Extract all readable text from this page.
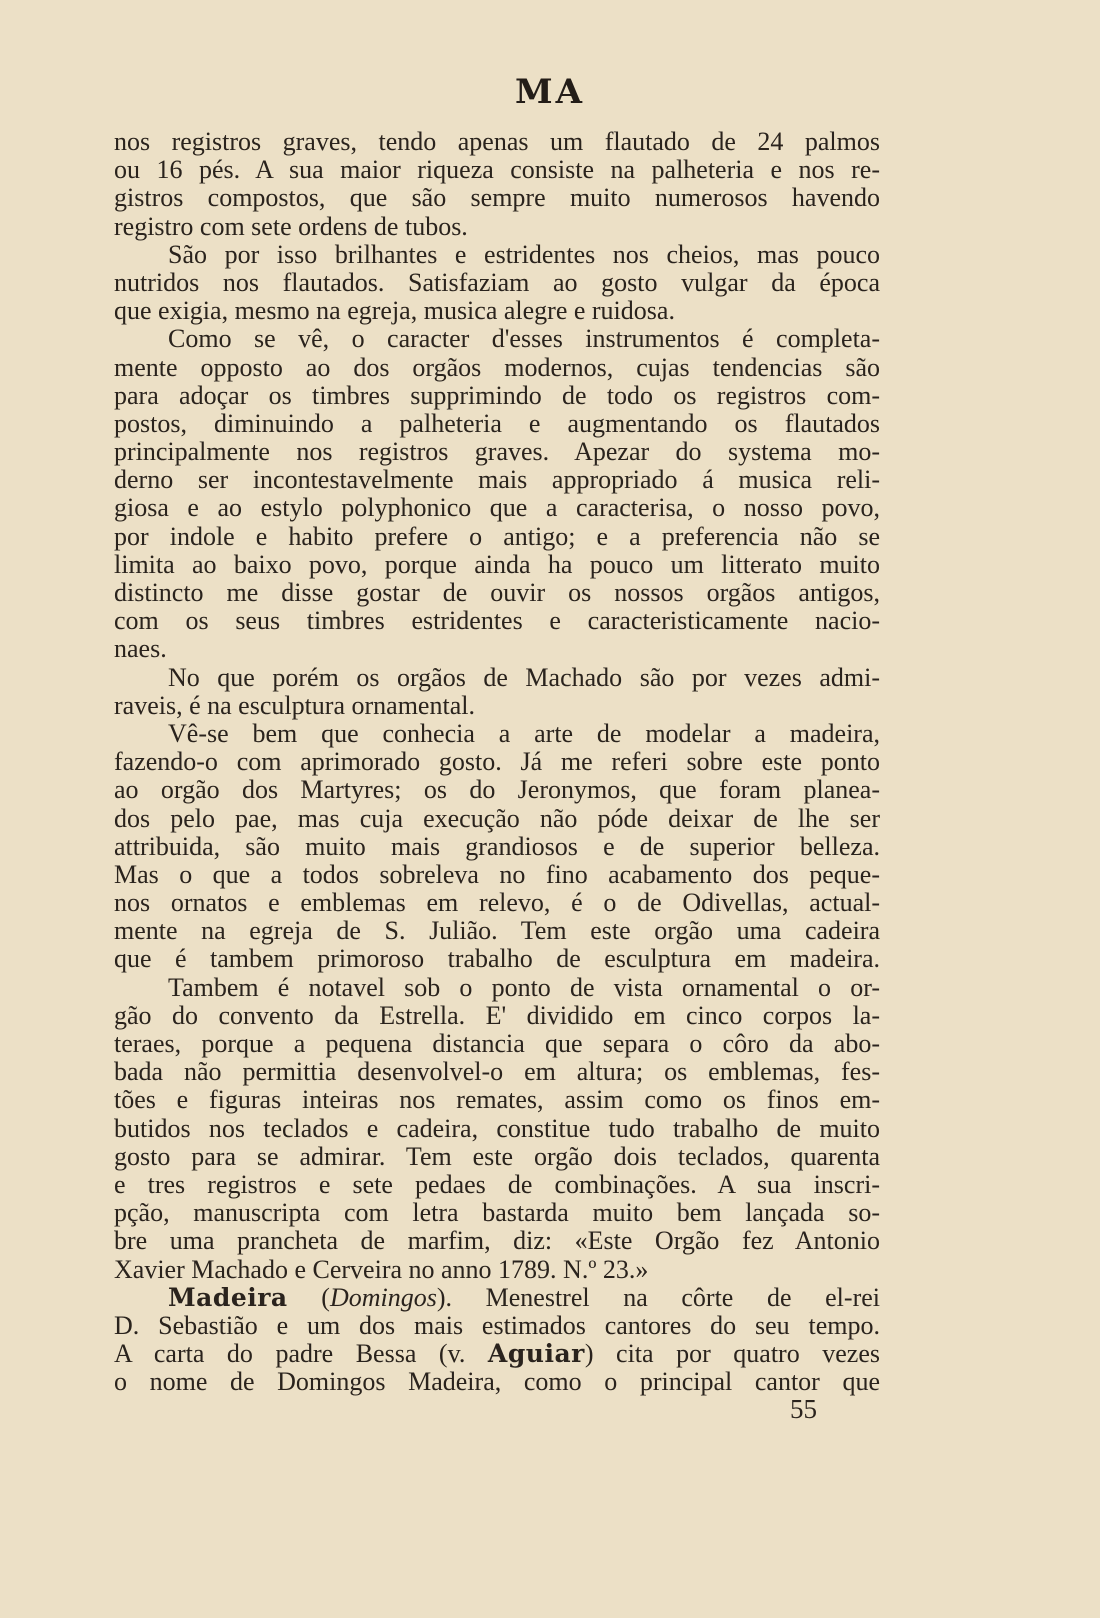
MA
nos registros graves, tendo apenas um flautado de 24 palmos
ou 16 pés. A sua maior riqueza consiste na palheteria e nos re-
gistros compostos, que são sempre muito numerosos havendo
registro com sete ordens de tubos.
São por isso brilhantes e estridentes nos cheios, mas pouco
nutridos nos flautados. Satisfaziam ao gosto vulgar da época
que exigia, mesmo na egreja, musica alegre e ruidosa.
Como se vê, o caracter d'esses instrumentos é completa-
mente opposto ao dos orgãos modernos, cujas tendencias são
para adoçar os timbres supprimindo de todo os registros com-
postos, diminuindo a palheteria e augmentando os flautados
principalmente nos registros graves. Apezar do systema mo-
derno ser incontestavelmente mais appropriado á musica reli-
giosa e ao estylo polyphonico que a caracterisa, o nosso povo,
por indole e habito prefere o antigo; e a preferencia não se
limita ao baixo povo, porque ainda ha pouco um litterato muito
distincto me disse gostar de ouvir os nossos orgãos antigos,
com os seus timbres estridentes e caracteristicamente nacio-
naes.
No que porém os orgãos de Machado são por vezes admi-
raveis, é na esculptura ornamental.
Vê-se bem que conhecia a arte de modelar a madeira,
fazendo-o com aprimorado gosto. Já me referi sobre este ponto
ao orgão dos Martyres; os do Jeronymos, que foram planea-
dos pelo pae, mas cuja execução não póde deixar de lhe ser
attribuida, são muito mais grandiosos e de superior belleza.
Mas o que a todos sobreleva no fino acabamento dos peque-
nos ornatos e emblemas em relevo, é o de Odivellas, actual-
mente na egreja de S. Julião. Tem este orgão uma cadeira
que é tambem primoroso trabalho de esculptura em madeira.
Tambem é notavel sob o ponto de vista ornamental o or-
gão do convento da Estrella. E' dividido em cinco corpos la-
teraes, porque a pequena distancia que separa o côro da abo-
bada não permittia desenvolvel-o em altura; os emblemas, fes-
tões e figuras inteiras nos remates, assim como os finos em-
butidos nos teclados e cadeira, constitue tudo trabalho de muito
gosto para se admirar. Tem este orgão dois teclados, quarenta
e tres registros e sete pedaes de combinações. A sua inscri-
pção, manuscripta com letra bastarda muito bem lançada so-
bre uma prancheta de marfim, diz: «Este Orgão fez Antonio
Xavier Machado e Cerveira no anno 1789. N.º 23.»
Madeira (Domingos). Menestrel na côrte de el-rei
D. Sebastião e um dos mais estimados cantores do seu tempo.
A carta do padre Bessa (v. Aguiar) cita por quatro vezes
o nome de Domingos Madeira, como o principal cantor que
55
